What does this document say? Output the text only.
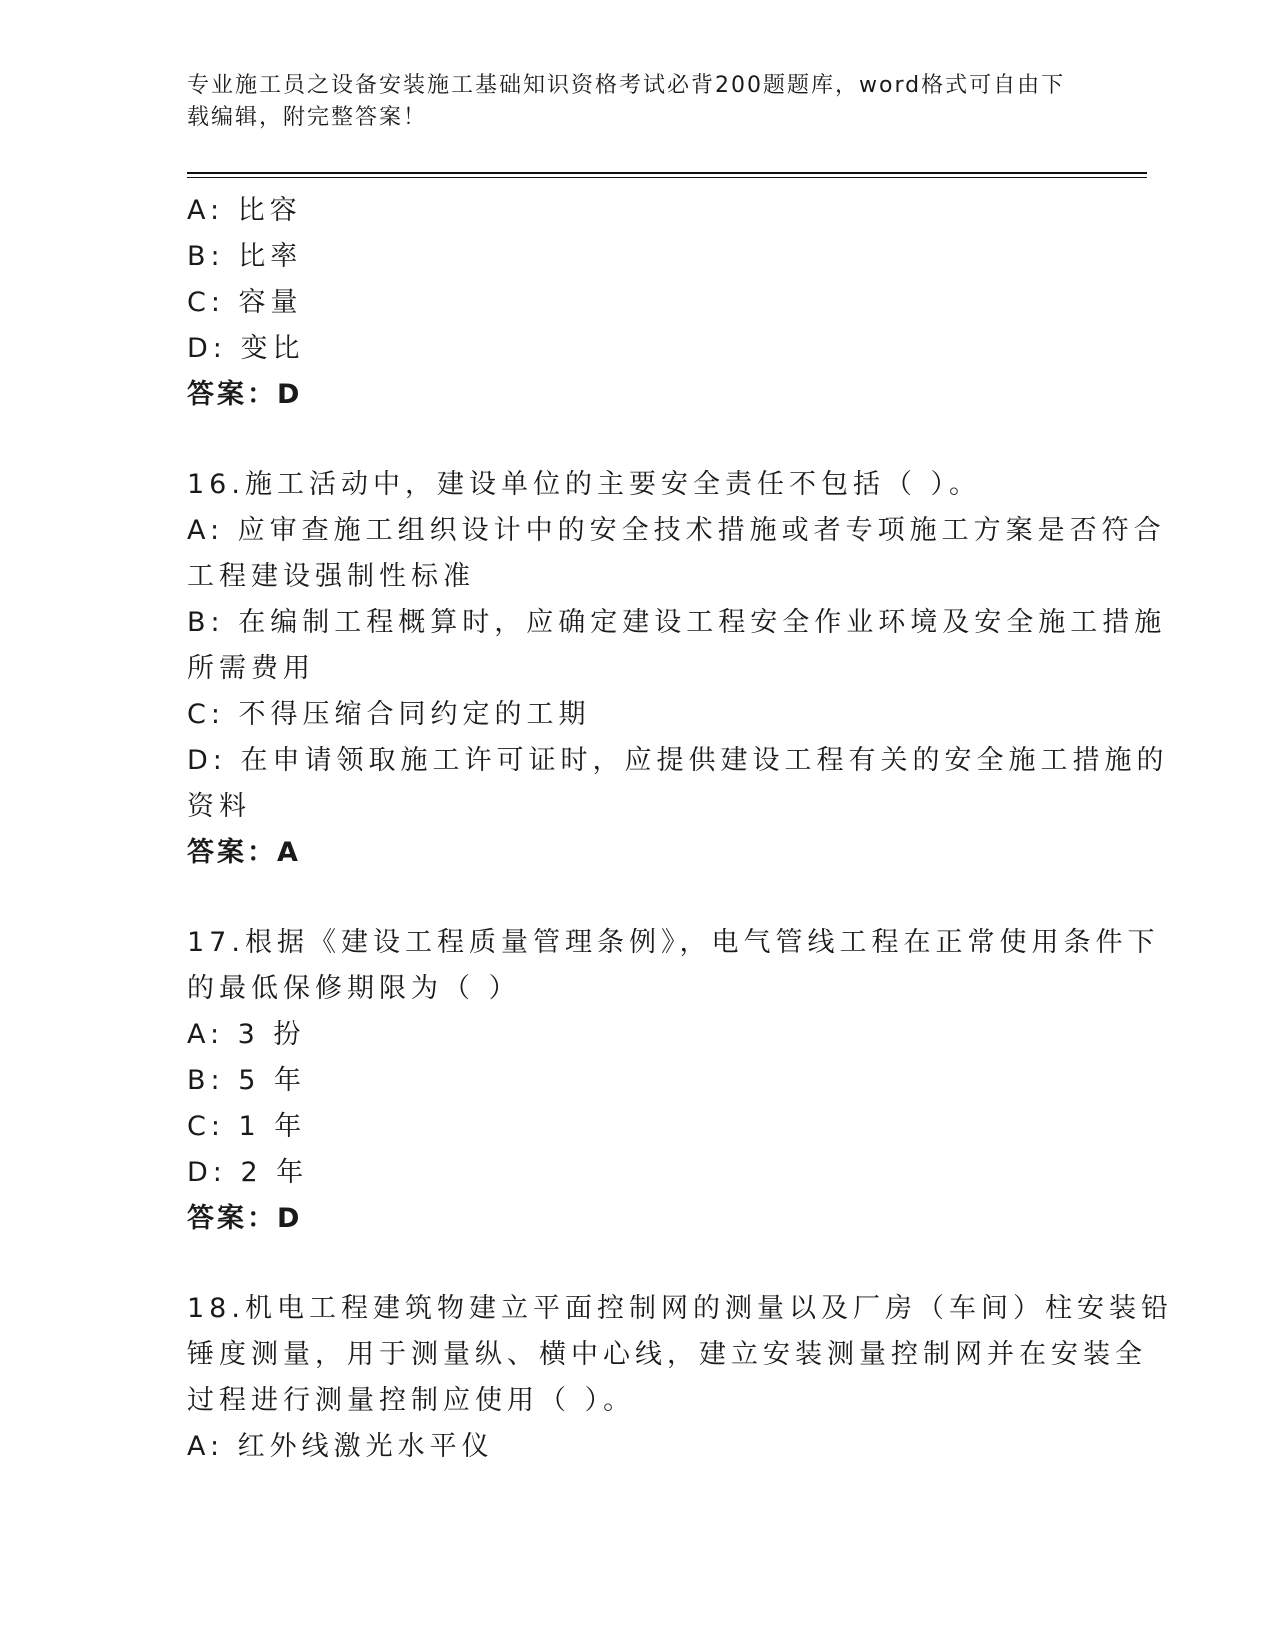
专业施工员之设备安装施工基础知识资格考试必背200题题库，word格式可自由下载编辑，附完整答案！
A: 比容
B: 比率
C: 容量
D: 变比
答案：D
16.施工活动中，建设单位的主要安全责任不包括（ ）。
A: 应审查施工组织设计中的安全技术措施或者专项施工方案是否符合
工程建设强制性标准
B: 在编制工程概算时，应确定建设工程安全作业环境及安全施工措施
所需费用
C: 不得压缩合同约定的工期
D: 在申请领取施工许可证时，应提供建设工程有关的安全施工措施的
资料
答案：A
17.根据《建设工程质量管理条例》，电气管线工程在正常使用条件下
的最低保修期限为（ ）
A: 3 扮
B: 5 年
C: 1 年
D: 2 年
答案：D
18.机电工程建筑物建立平面控制网的测量以及厂房（车间）柱安装铅
锤度测量，用于测量纵、横中心线，建立安装测量控制网并在安装全
过程进行测量控制应使用（ ）。
A: 红外线激光水平仪
